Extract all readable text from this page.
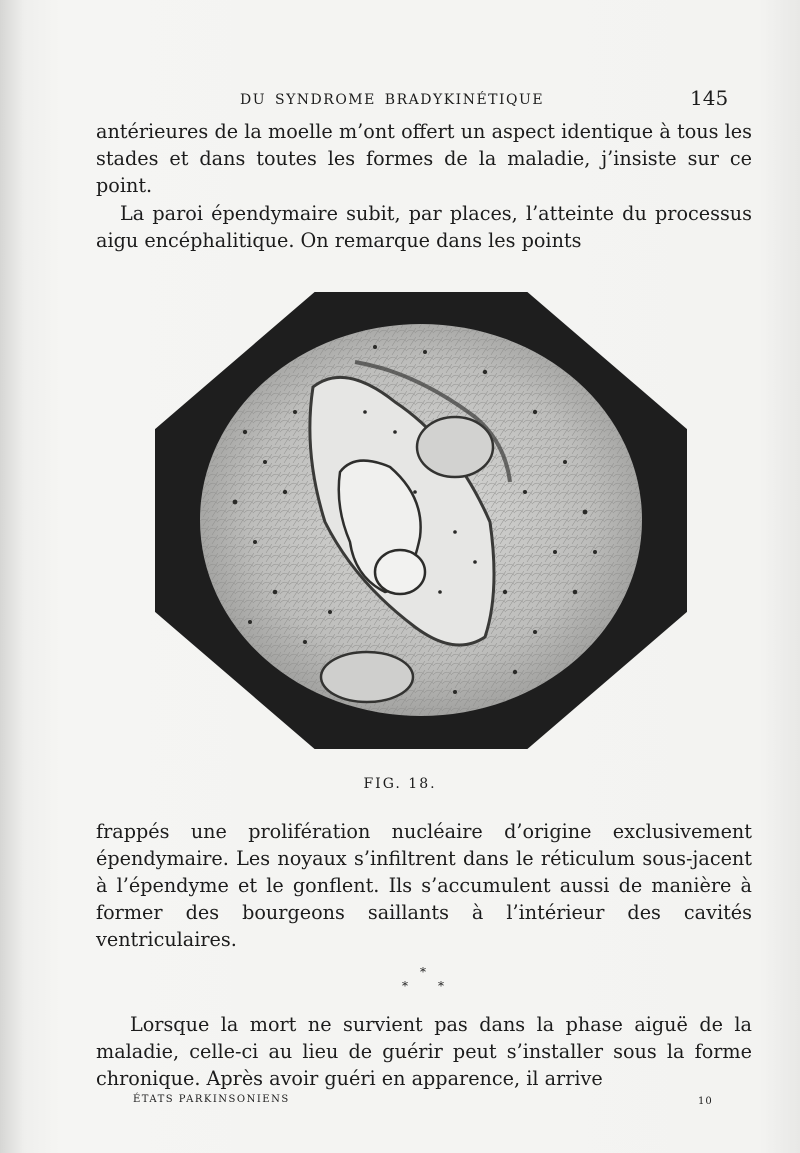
DU SYNDROME BRADYKINÉTIQUE	145

antérieures de la moelle m’ont offert un aspect identique à tous les stades et dans toutes les formes de la maladie, j’insiste sur ce point.

La paroi épendymaire subit, par places, l’atteinte du processus aigu encéphalitique. On remarque dans les points

FIG. 18.

frappés une prolifération nucléaire d’origine exclusivement épendymaire. Les noyaux s’infiltrent dans le réticulum sous-jacent à l’épendyme et le gonflent. Ils s’accumulent aussi de manière à former des bourgeons saillants à l’intérieur des cavités ventriculaires.

*
*	*

Lorsque la mort ne survient pas dans la phase aiguë de la maladie, celle-ci au lieu de guérir peut s’installer sous la forme chronique. Après avoir guéri en apparence, il arrive

ÉTATS PARKINSONIENS	10
